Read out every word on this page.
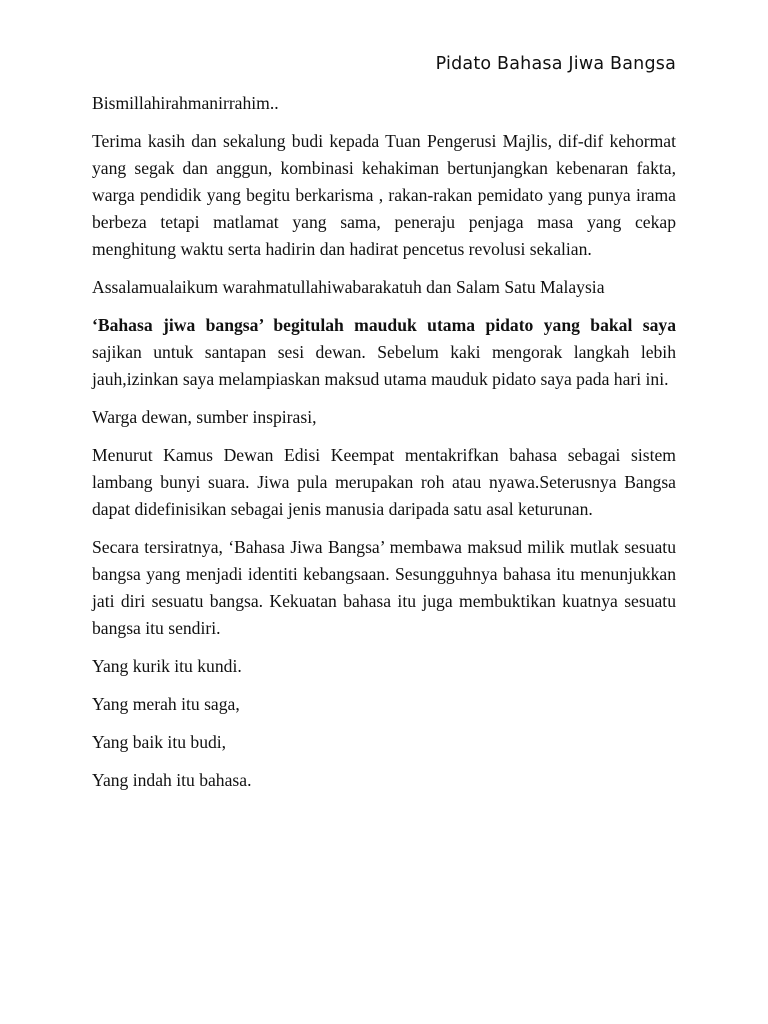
Pidato Bahasa Jiwa Bangsa

Bismillahirahmanirrahim..

Terima kasih dan sekalung budi kepada Tuan Pengerusi Majlis, dif-dif kehormat yang segak dan anggun, kombinasi kehakiman bertunjangkan kebenaran fakta, warga pendidik yang begitu berkarisma , rakan-rakan pemidato yang punya irama berbeza tetapi matlamat yang sama, peneraju penjaga masa yang cekap menghitung waktu serta hadirin dan hadirat pencetus revolusi sekalian.

Assalamualaikum warahmatullahiwabarakatuh dan Salam Satu Malaysia

‘Bahasa jiwa bangsa’ begitulah mauduk utama pidato yang bakal saya sajikan untuk santapan sesi dewan. Sebelum kaki mengorak langkah lebih jauh,izinkan saya melampiaskan maksud utama mauduk pidato saya pada hari ini.

Warga dewan, sumber inspirasi,

Menurut Kamus Dewan Edisi Keempat mentakrifkan bahasa sebagai sistem lambang bunyi suara. Jiwa pula merupakan roh atau nyawa.Seterusnya Bangsa dapat didefinisikan sebagai jenis manusia daripada satu asal keturunan.

Secara tersiratnya, ‘Bahasa Jiwa Bangsa’ membawa maksud milik mutlak sesuatu bangsa yang menjadi identiti kebangsaan. Sesungguhnya bahasa itu menunjukkan jati diri sesuatu bangsa. Kekuatan bahasa itu juga membuktikan kuatnya sesuatu bangsa itu sendiri.

Yang kurik itu kundi.

Yang merah itu saga,

Yang baik itu budi,

Yang indah itu bahasa.
